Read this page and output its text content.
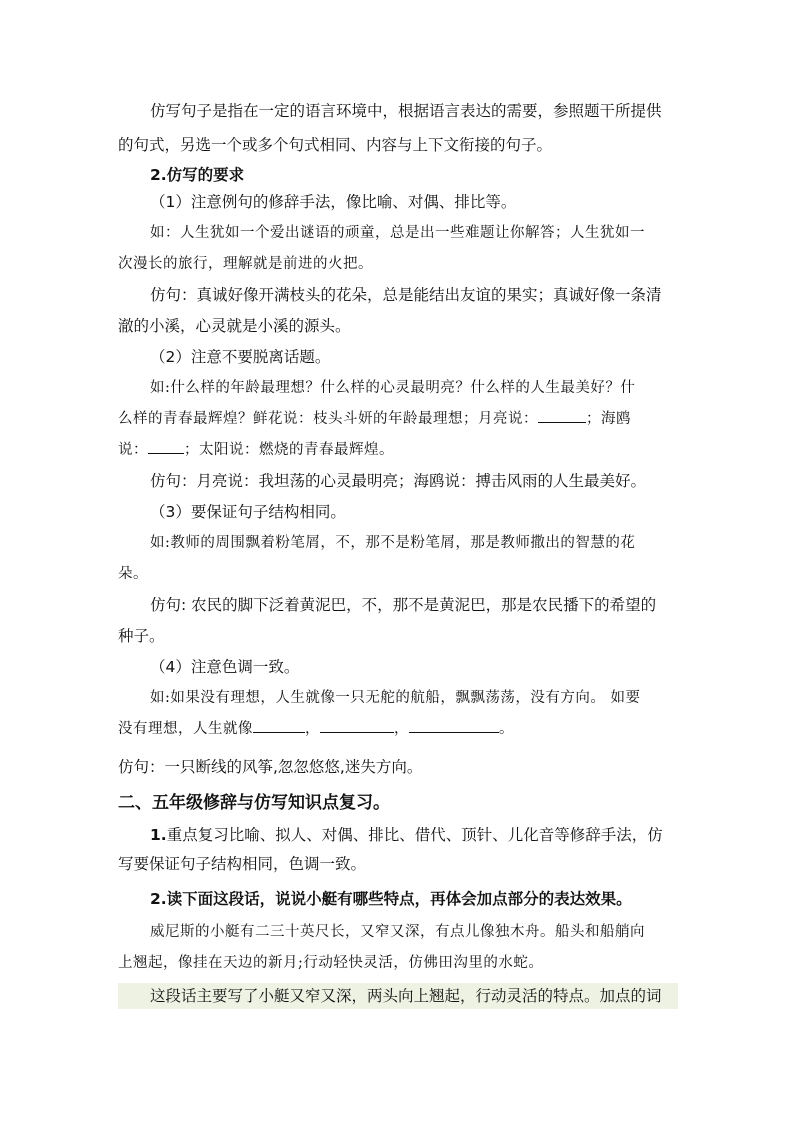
仿写句子是指在一定的语言环境中，根据语言表达的需要，参照题干所提供
的句式，另选一个或多个句式相同、内容与上下文衔接的句子。
2.仿写的要求
（1）注意例句的修辞手法，像比喻、对偶、排比等。
如：人生犹如一个爱出谜语的顽童，总是出一些难题让你解答；人生犹如一
次漫长的旅行，理解就是前进的火把。
仿句：真诚好像开满枝头的花朵，总是能结出友谊的果实；真诚好像一条清
澈的小溪，心灵就是小溪的源头。
（2）注意不要脱离话题。
如:什么样的年龄最理想？什么样的心灵最明亮？什么样的人生最美好？什
么样的青春最辉煌？鲜花说：枝头斗妍的年龄最理想；月亮说：	；海鸥
说： ；太阳说：燃烧的青春最辉煌。
仿句：月亮说：我坦荡的心灵最明亮；海鸥说：搏击风雨的人生最美好。
（3）要保证句子结构相同。
如:教师的周围飘着粉笔屑，不，那不是粉笔屑，那是教师撒出的智慧的花
朵。
仿句: 农民的脚下泛着黄泥巴，不，那不是黄泥巴，那是农民播下的希望的
种子。
（4）注意色调一致。
如:如果没有理想，人生就像一只无舵的航船，飘飘荡荡，没有方向。 如要
没有理想，人生就像	，	，	。
仿句：一只断线的风筝,忽忽悠悠,迷失方向。
二、五年级修辞与仿写知识点复习。
1.重点复习比喻、拟人、对偶、排比、借代、顶针、儿化音等修辞手法，仿
写要保证句子结构相同，色调一致。
2.读下面这段话，说说小艇有哪些特点，再体会加点部分的表达效果。
威尼斯的小艇有二三十英尺长，又窄又深，有点儿像独木舟。船头和船艄向
上翘起，像挂在天边的新月;行动轻快灵活，仿佛田沟里的水蛇。
这段话主要写了小艇又窄又深，两头向上翘起，行动灵活的特点。加点的词
